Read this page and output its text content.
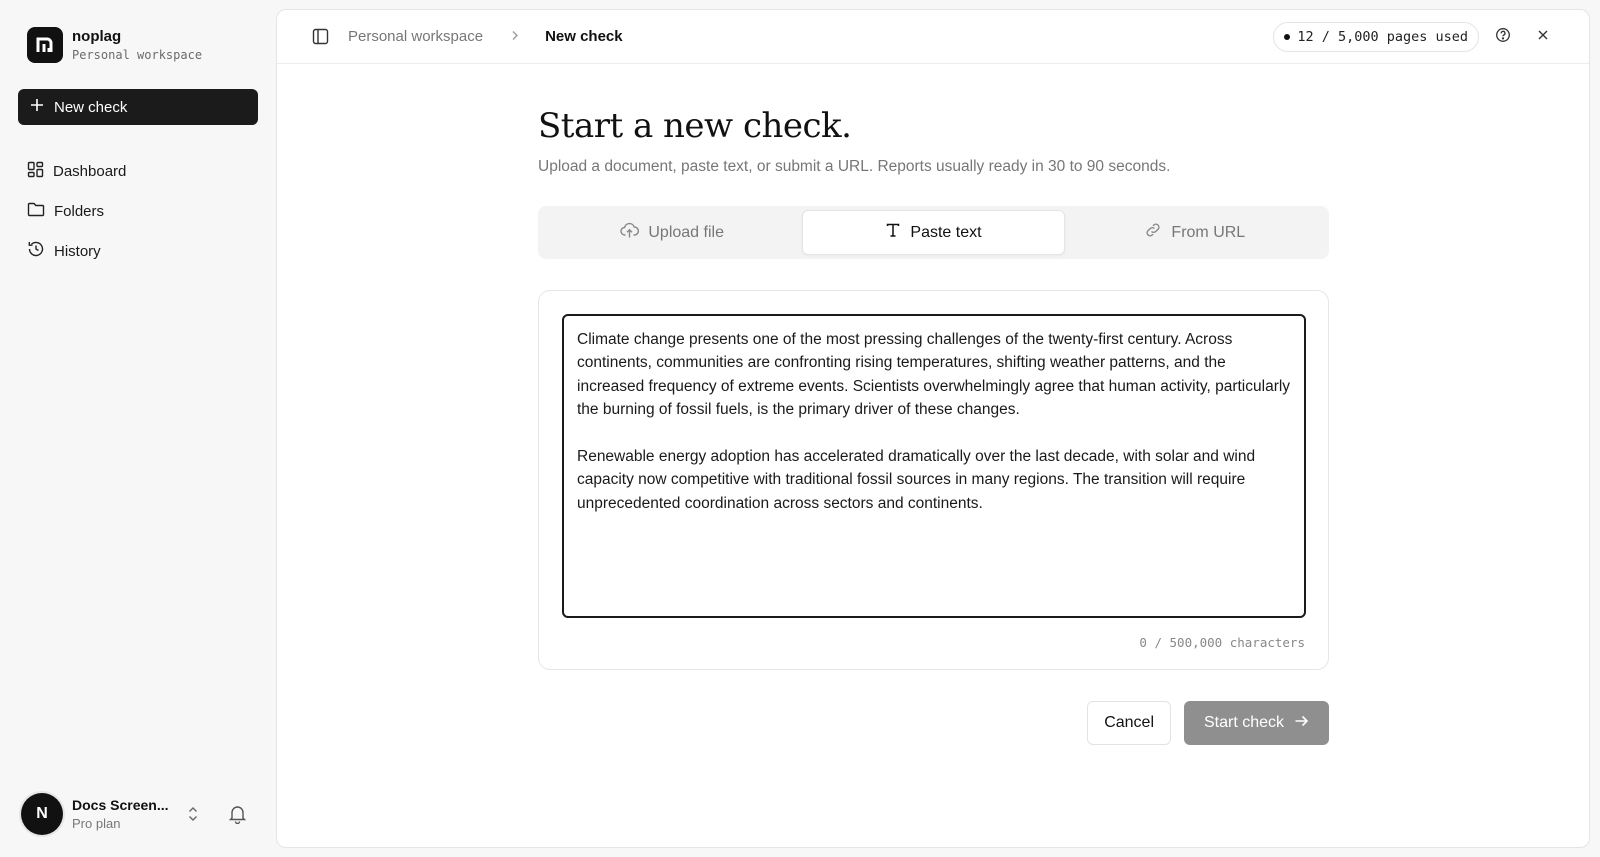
noplag
Personal workspace
New check
Dashboard
Folders
History
N	Docs Screen...
Pro plan
Personal workspace	New check	12 / 5,000 pages used
Start a new check.

Upload a document, paste text, or submit a URL. Reports usually ready in 30 to 90 seconds.

Upload file	Paste text	From URL
Climate change presents one of the most pressing challenges of the twenty-first century. Across continents, communities are confronting rising temperatures, shifting weather patterns, and the increased frequency of extreme events. Scientists overwhelmingly agree that human activity, particularly the burning of fossil fuels, is the primary driver of these changes. Renewable energy adoption has accelerated dramatically over the last decade, with solar and wind capacity now competitive with traditional fossil sources in many regions. The transition will require unprecedented coordination across sectors and continents.
0 / 500,000 characters
Cancel	Start check
